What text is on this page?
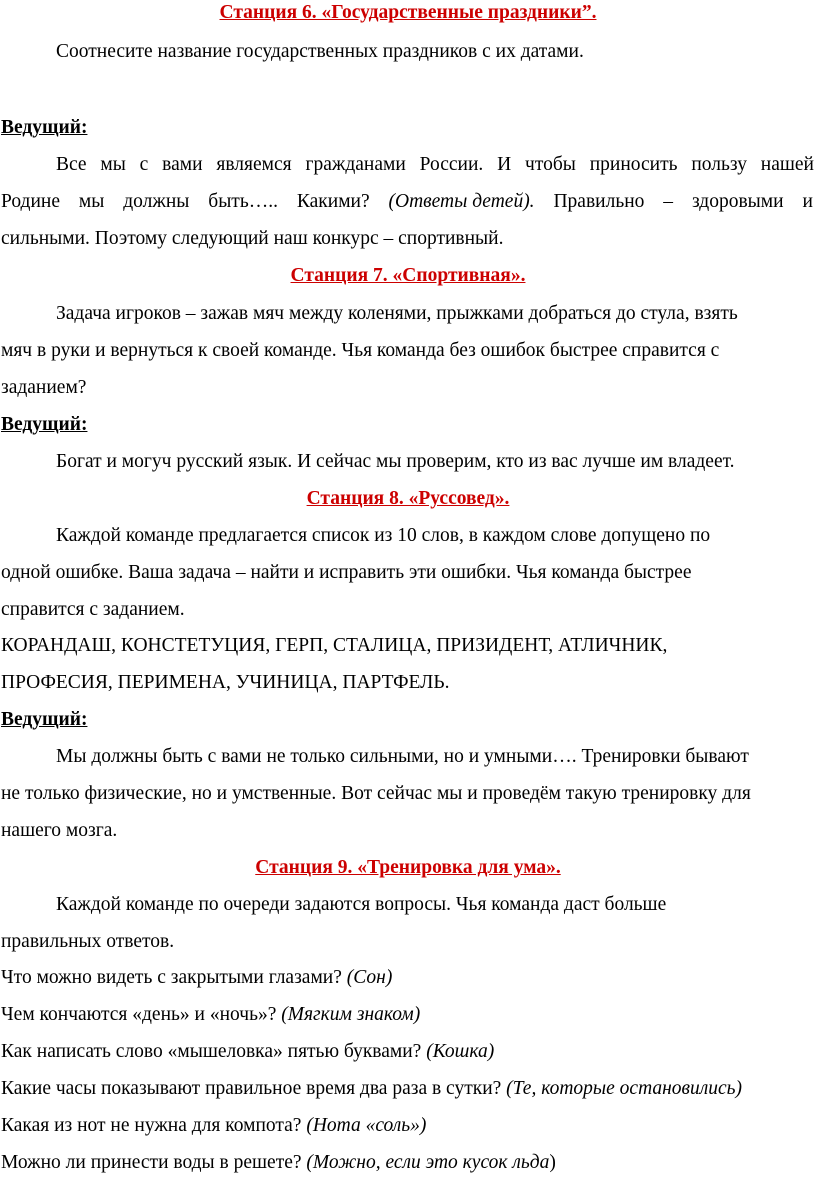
Станция 6. «Государственные праздники”.
Соотнесите название государственных праздников с их датами.
Ведущий:
Все мы с вами являемся гражданами России. И чтобы приносить пользу нашей
Родине мы должны быть….. Какими? (Ответы детей). Правильно – здоровыми и
сильными. Поэтому следующий наш конкурс – спортивный.
Станция 7. «Спортивная».
Задача игроков – зажав мяч между коленями, прыжками добраться до стула, взять
мяч в руки и вернуться к своей команде. Чья команда без ошибок быстрее справится с
заданием?
Ведущий:
Богат и могуч русский язык. И сейчас мы проверим, кто из вас лучше им владеет.
Станция 8. «Руссовед».
Каждой команде предлагается список из 10 слов, в каждом слове допущено по
одной ошибке. Ваша задача – найти и исправить эти ошибки. Чья команда быстрее
справится с заданием.
КОРАНДАШ, КОНСТЕТУЦИЯ, ГЕРП, СТАЛИЦА, ПРИЗИДЕНТ, АТЛИЧНИК,
ПРОФЕСИЯ, ПЕРИМЕНА, УЧИНИЦА, ПАРТФЕЛЬ.
Ведущий:
Мы должны быть с вами не только сильными, но и умными…. Тренировки бывают
не только физические, но и умственные. Вот сейчас мы и проведём такую тренировку для
нашего мозга.
Станция 9. «Тренировка для ума».
Каждой команде по очереди задаются вопросы. Чья команда даст больше
правильных ответов.
Что можно видеть с закрытыми глазами? (Сон)
Чем кончаются «день» и «ночь»? (Мягким знаком)
Как написать слово «мышеловка» пятью буквами? (Кошка)
Какие часы показывают правильное время два раза в сутки? (Те, которые остановились)
Какая из нот не нужна для компота? (Нота «соль»)
Можно ли принести воды в решете? (Можно, если это кусок льда)
